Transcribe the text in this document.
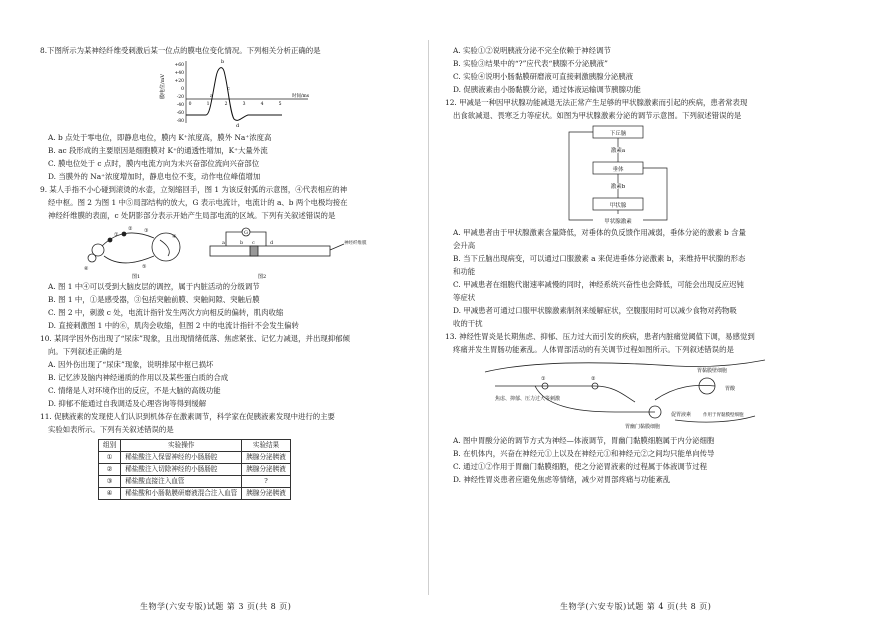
8.下图所示为某神经纤维受刺激后某一位点的膜电位变化情况。下列相关分析正确的是

膜电位/mV
+60
+40
+20
0
-20
-40
-60
-80
0	1	2	3	4	5
时间/ms
a
b
c
d
A. b 点处于零电位，即静息电位，膜内 K⁺浓度高，膜外 Na⁺浓度高
B. ac 段形成的主要原因是细胞膜对 K⁺的通透性增加，K⁺大量外流
C. 膜电位处于 c 点时，膜内电流方向为未兴奋部位流向兴奋部位
D. 当膜外的 Na⁺浓度增加时，静息电位不变，动作电位峰值增加

9. 某人手指不小心碰到滚烫的水壶，立刻缩回手，图 1 为该反射弧的示意图，④代表相应的神

经中枢。图 2 为图 1 中⑤局部结构的放大，G 表示电流计，电流计的 a、b 两个电极均接在
神经纤维膜的表面，c 处阴影部分表示开始产生局部电流的区域。下列有关叙述错误的是
①
② ③
④
⑤
⑥
图1
G
a	b c	d	神经纤维膜
图2
A. 图 1 中④可以受到大脑皮层的调控，属于内脏活动的分级调节
B. 图 1 中，①是感受器，③包括突触前膜、突触间隙、突触后膜
C. 图 2 中，刺激 c 处，电流计指针发生两次方向相反的偏转，肌肉收缩
D. 直接刺激图 1 中的⑥，肌肉会收缩，但图 2 中的电流计指针不会发生偏转

10. 某同学因外伤出现了“尿床”现象，且出现情绪低落、焦虑紧张、记忆力减退，并出现抑郁倾

向。下列叙述正确的是
A. 因外伤出现了“尿床”现象，说明排尿中枢已损坏
B. 记忆涉及脑内神经递质的作用以及某些蛋白质的合成
C. 情绪是人对环境作出的反应，不是大脑的高级功能
D. 抑郁不能通过自我调适及心理咨询等得到缓解

11. 促胰液素的发现使人们认识到机体存在激素调节，科学家在促胰液素发现中进行的主要

实验如表所示。下列有关叙述错误的是
组别	实验操作	实验结果
①	稀盐酸注入保留神经的小肠肠腔	胰腺分泌胰液
②	稀盐酸注入切除神经的小肠肠腔	胰腺分泌胰液
③	稀盐酸直接注入血管	?
④	稀盐酸和小肠黏膜研磨液混合注入血管	胰腺分泌胰液
A. 实验①②说明胰液分泌不完全依赖于神经调节
B. 实验③结果中的“?”应代表“胰腺不分泌胰液”
C. 实验④说明小肠黏膜研磨液可直接刺激胰腺分泌胰液
D. 促胰液素由小肠黏膜分泌，通过体液运输调节胰腺功能

12. 甲减是一种因甲状腺功能减退无法正常产生足够的甲状腺激素而引起的疾病，患者常表现

出食欲减退、畏寒乏力等症状。如图为甲状腺激素分泌的调节示意图。下列叙述错误的是
下丘脑
激素a
垂体
激素b
甲状腺
甲状腺激素
A. 甲减患者由于甲状腺激素含量降低，对垂体的负反馈作用减弱，垂体分泌的激素 b 含量
会升高
B. 当下丘脑出现病变，可以通过口服激素 a 来促进垂体分泌激素 b，来维持甲状腺的形态
和功能
C. 甲减患者在细胞代谢速率减慢的同时，神经系统兴奋性也会降低，可能会出现反应迟钝
等症状
D. 甲减患者可通过口服甲状腺激素制剂来缓解症状，空腹服用时可以减少食物对药物吸
收的干扰

13. 神经性胃炎是长期焦虑、抑郁、压力过大而引发的疾病，患者内脏痛觉阈值下调，易感觉到

疼痛并发生胃肠功能紊乱。人体胃部活动的有关调节过程如图所示。下列叙述错误的是
①	②
焦虑、抑郁、压力过大等刺激
胃黏膜壁细胞
胃酸
胃幽门黏膜细胞
促胃液素	作用于胃黏膜壁细胞
A. 图中胃酸分泌的调节方式为神经—体液调节，胃幽门黏膜细胞属于内分泌细胞
B. 在机体内，兴奋在神经元①上以及在神经元①和神经元②之间均只能单向传导
C. 通过①②作用于胃幽门黏膜细胞，使之分泌胃液素的过程属于体液调节过程
D. 神经性胃炎患者应避免焦虑等情绪，减少对胃部疼痛与功能紊乱
生物学(六安专版)试题 第 3 页(共 8 页)	生物学(六安专版)试题 第 4 页(共 8 页)
